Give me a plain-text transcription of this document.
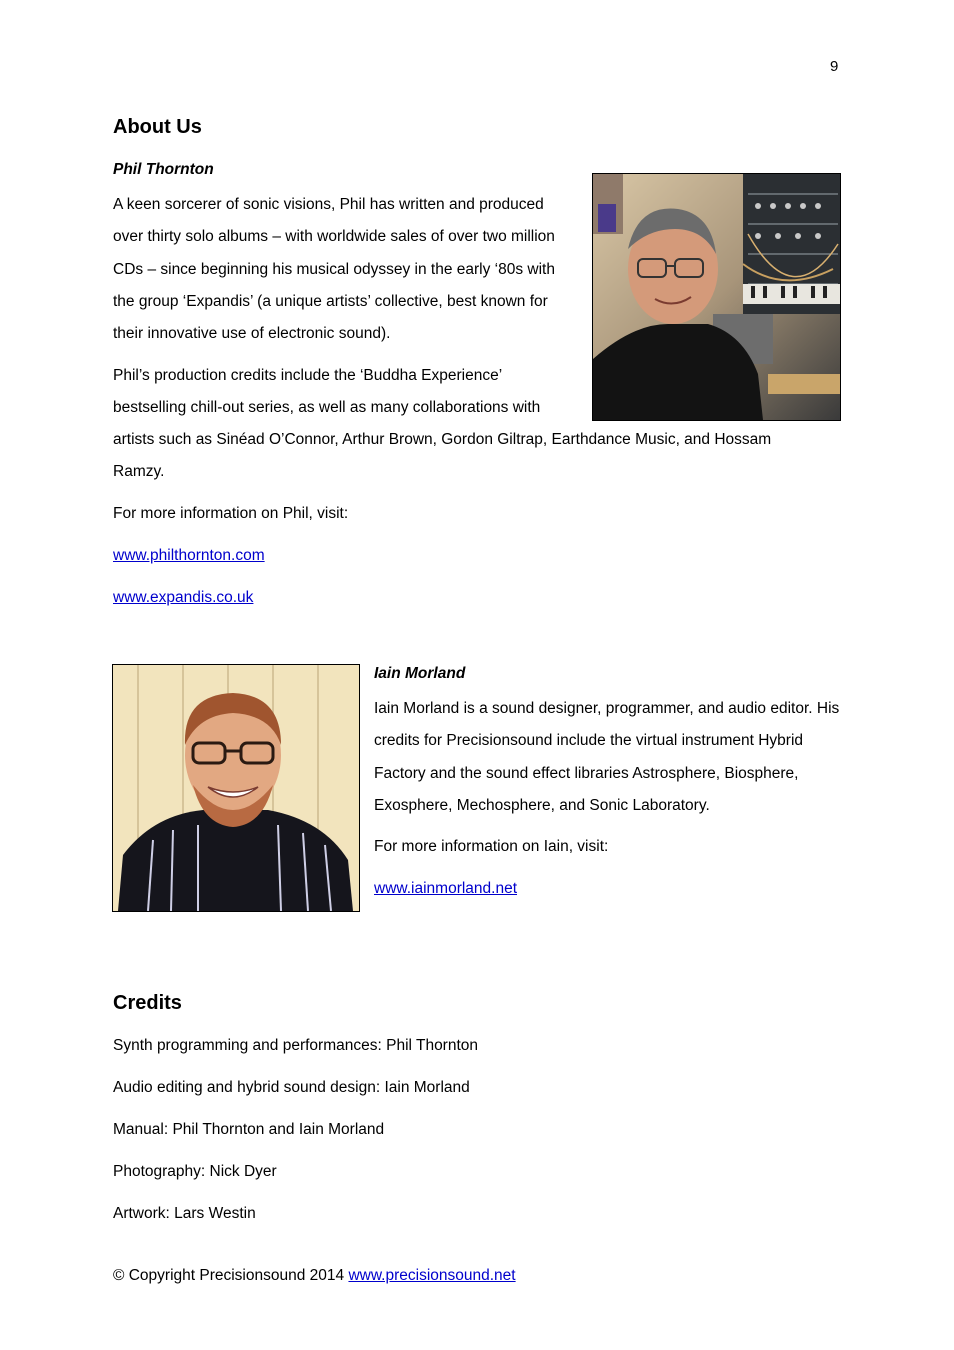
9
About Us
Phil Thornton

A keen sorcerer of sonic visions, Phil has written and produced over thirty solo albums – with worldwide sales of over two million CDs – since beginning his musical odyssey in the early ‘80s with the group ‘Expandis’ (a unique artists’ collective, best known for their innovative use of electronic sound).

Phil’s production credits include the ‘Buddha Experience’
bestselling chill-out series, as well as many collaborations with
artists such as Sinéad O’Connor, Arthur Brown, Gordon Giltrap, Earthdance Music, and Hossam
Ramzy.
For more information on Phil, visit:
www.philthornton.com
www.expandis.co.uk
Iain Morland

Iain Morland is a sound designer, programmer, and audio editor. His credits for Precisionsound include the virtual instrument Hybrid Factory and the sound effect libraries Astrosphere, Biosphere, Exosphere, Mechosphere, and Sonic Laboratory.

For more information on Iain, visit:
www.iainmorland.net
Credits
Synth programming and performances: Phil Thornton
Audio editing and hybrid sound design: Iain Morland
Manual: Phil Thornton and Iain Morland
Photography: Nick Dyer
Artwork: Lars Westin
© Copyright Precisionsound 2014 www.precisionsound.net
